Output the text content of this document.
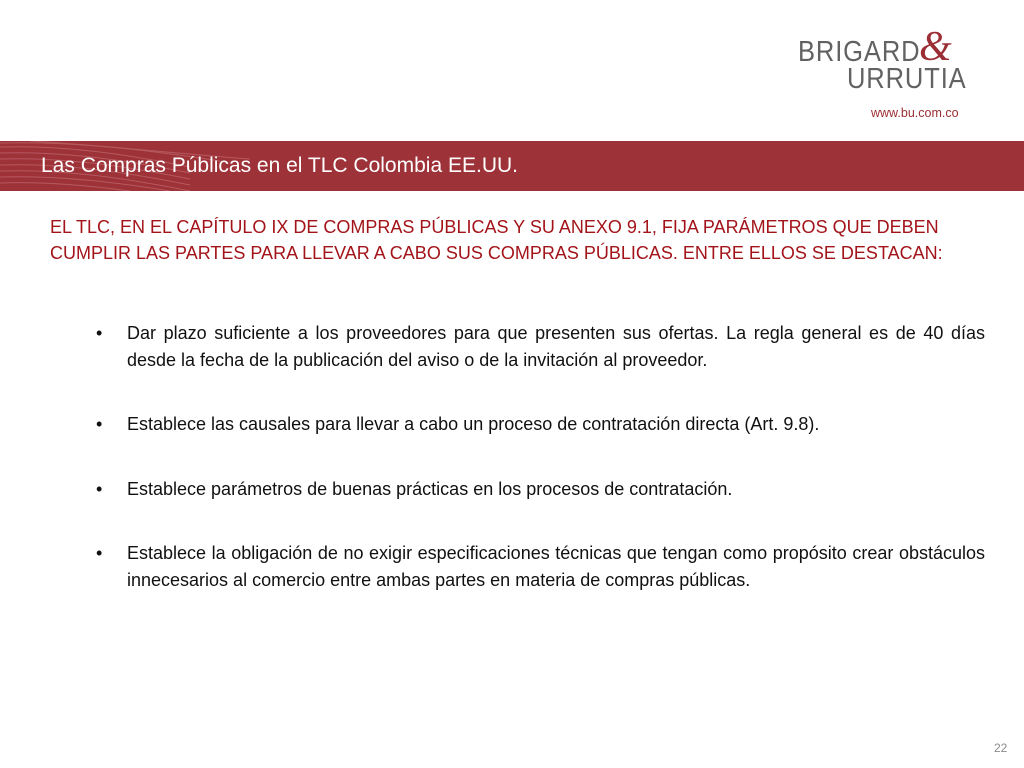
BRIGARD
&
URRUTIA
www.bu.com.co
Las Compras Públicas en el TLC Colombia EE.UU.
EL TLC, EN EL CAPÍTULO IX DE COMPRAS PÚBLICAS Y SU ANEXO 9.1, FIJA PARÁMETROS QUE DEBEN CUMPLIR LAS PARTES PARA LLEVAR A CABO SUS COMPRAS PÚBLICAS. ENTRE ELLOS SE DESTACAN:
• Dar plazo suficiente a los proveedores para que presenten sus ofertas. La regla general es de 40 días desde la fecha de la publicación del aviso o de la invitación al proveedor.
• Establece las causales para llevar a cabo un proceso de contratación directa (Art. 9.8).
• Establece parámetros de buenas prácticas en los procesos de contratación.
• Establece la obligación de no exigir especificaciones técnicas que tengan como propósito crear obstáculos innecesarios al comercio entre ambas partes en materia de compras públicas.
22
